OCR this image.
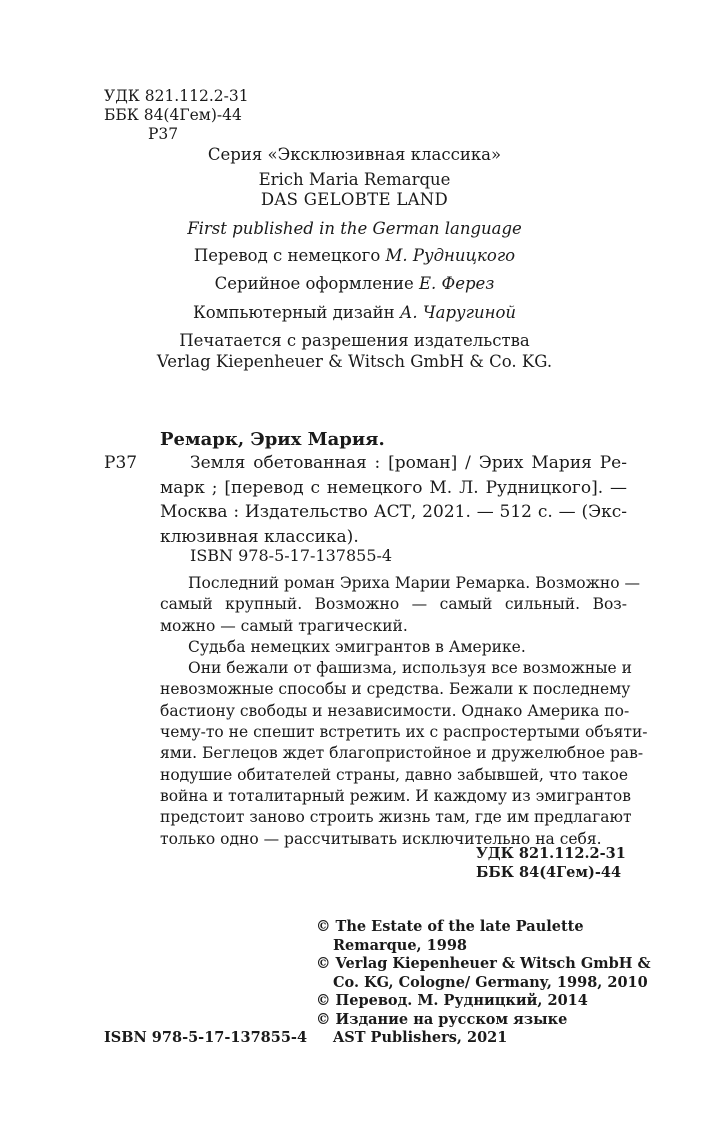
УДК 821.112.2-31
ББК 84(4Гем)-44
Р37
Серия «Эксклюзивная классика»
Erich Maria Remarque
DAS GELOBTE LAND
First published in the German language
Перевод с немецкого М. Рудницкого
Серийное оформление Е. Ферез
Компьютерный дизайн А. Чаругиной
Печатается с разрешения издательства
Verlag Kiepenheuer & Witsch GmbH & Co. KG.
Ремарк, Эрих Мария.
Р37	Земля обетованная : [роман] / Эрих Мария Ре-
марк ; [перевод с немецкого М. Л. Рудницкого]. —
Москва : Издательство АСТ, 2021. — 512 с. — (Экс-
клюзивная классика).
ISBN 978-5-17-137855-4
Последний роман Эриха Марии Ремарка. Возможно —
самый крупный. Возможно — самый сильный. Воз-
можно — самый трагический.
Судьба немецких эмигрантов в Америке.
Они бежали от фашизма, используя все возможные и
невозможные способы и средства. Бежали к последнему
бастиону свободы и независимости. Однако Америка по-
чему-то не спешит встретить их с распростертыми объяти-
ями. Беглецов ждет благопристойное и дружелюбное рав-
нодушие обитателей страны, давно забывшей, что такое
война и тоталитарный режим. И каждому из эмигрантов
предстоит заново строить жизнь там, где им предлагают
только одно — рассчитывать исключительно на себя.
УДК 821.112.2-31
ББК 84(4Гем)-44
© The Estate of the late Paulette
Remarque, 1998
© Verlag Kiepenheuer & Witsch GmbH &
Co. KG, Cologne/ Germany, 1998, 2010
© Перевод. М. Рудницкий, 2014
© Издание на русском языке
AST Publishers, 2021
ISBN 978-5-17-137855-4
